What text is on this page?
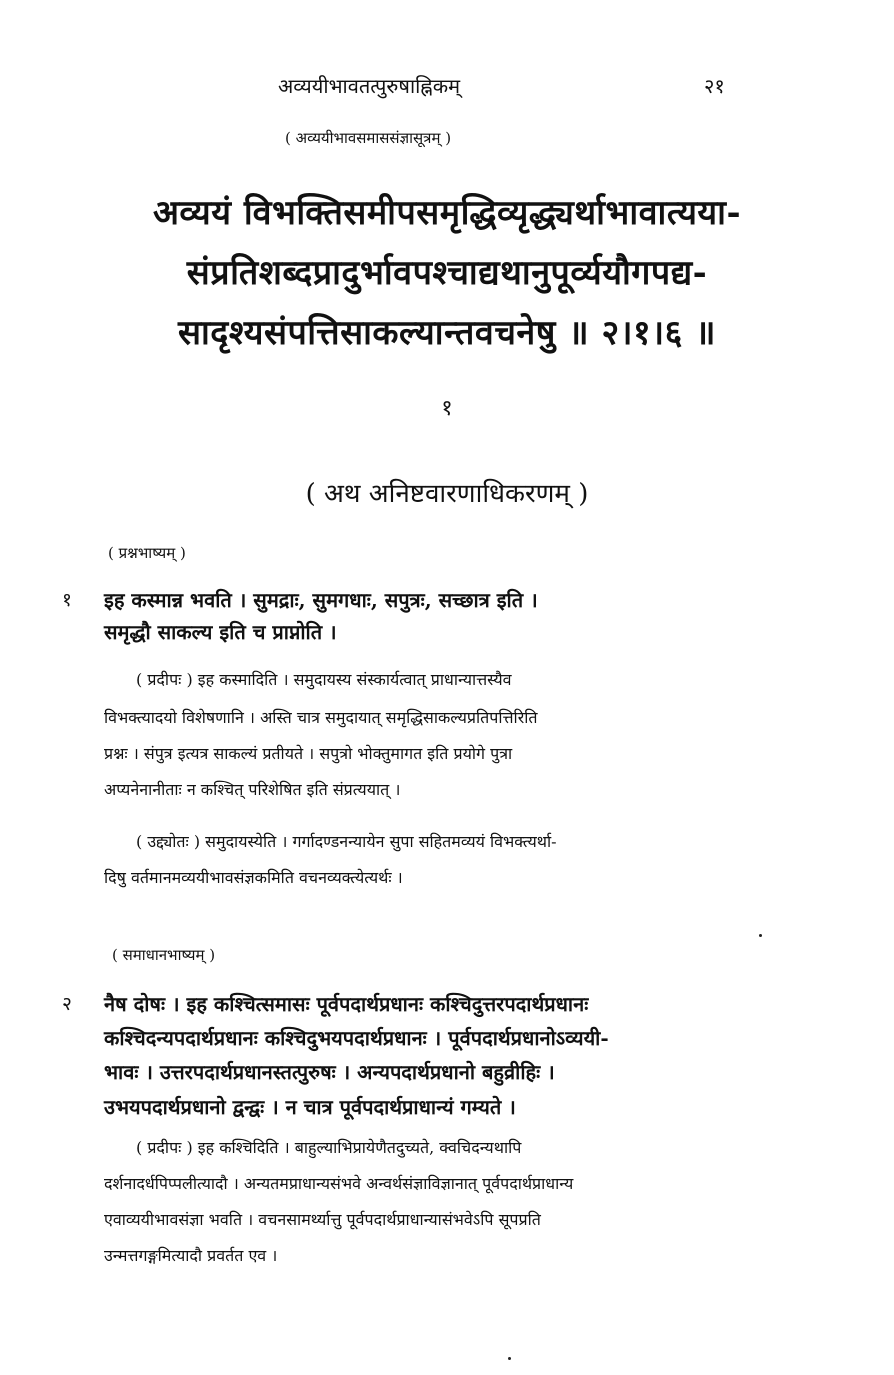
अव्ययीभावतत्पुरुषाह्निकम्	२१
( अव्ययीभावसमाससंज्ञासूत्रम् )
अव्ययं विभक्तिसमीपसमृद्धिव्यृद्ध्यर्थाभावात्यया-
संप्रतिशब्दप्रादुर्भावपश्चाद्यथानुपूर्व्ययौगपद्य-
सादृश्यसंपत्तिसाकल्यान्तवचनेषु ॥ २।१।६ ॥
१
( अथ अनिष्टवारणाधिकरणम् )
( प्रश्नभाष्यम् )
१ इह कस्मान्न भवति । सुमद्राः, सुमगधाः, सपुत्रः, सच्छात्र इति ।
समृद्धौ साकल्य इति च प्राप्नोति ।
( प्रदीपः ) इह कस्मादिति । समुदायस्य संस्कार्यत्वात् प्राधान्यात्तस्यैव
विभक्त्यादयो विशेषणानि । अस्ति चात्र समुदायात् समृद्धिसाकल्यप्रतिपत्तिरिति
प्रश्नः । संपुत्र इत्यत्र साकल्यं प्रतीयते । सपुत्रो भोक्तुमागत इति प्रयोगे पुत्रा
अप्यनेनानीताः न कश्चित् परिशेषित इति संप्रत्ययात् ।
( उद्द्योतः ) समुदायस्येति । गर्गादण्डनन्यायेन सुपा सहितमव्ययं विभक्त्यर्था-
दिषु वर्तमानमव्ययीभावसंज्ञकमिति वचनव्यक्त्येत्यर्थः ।
( समाधानभाष्यम् )
२ नैष दोषः । इह कश्चित्समासः पूर्वपदार्थप्रधानः कश्चिदुत्तरपदार्थप्रधानः
कश्चिदन्यपदार्थप्रधानः कश्चिदुभयपदार्थप्रधानः । पूर्वपदार्थप्रधानोऽव्ययी-
भावः । उत्तरपदार्थप्रधानस्तत्पुरुषः । अन्यपदार्थप्रधानो बहुव्रीहिः ।
उभयपदार्थप्रधानो द्वन्द्वः । न चात्र पूर्वपदार्थप्राधान्यं गम्यते ।
( प्रदीपः ) इह कश्चिदिति । बाहुल्याभिप्रायेणैतदुच्यते, क्वचिदन्यथापि
दर्शनादर्धपिप्पलीत्यादौ । अन्यतमप्राधान्यसंभवे अन्वर्थसंज्ञाविज्ञानात् पूर्वपदार्थप्राधान्य
एवाव्ययीभावसंज्ञा भवति । वचनसामर्थ्यात्तु पूर्वपदार्थप्राधान्यासंभवेऽपि सूपप्रति
उन्मत्तगङ्गमित्यादौ प्रवर्तत एव ।
